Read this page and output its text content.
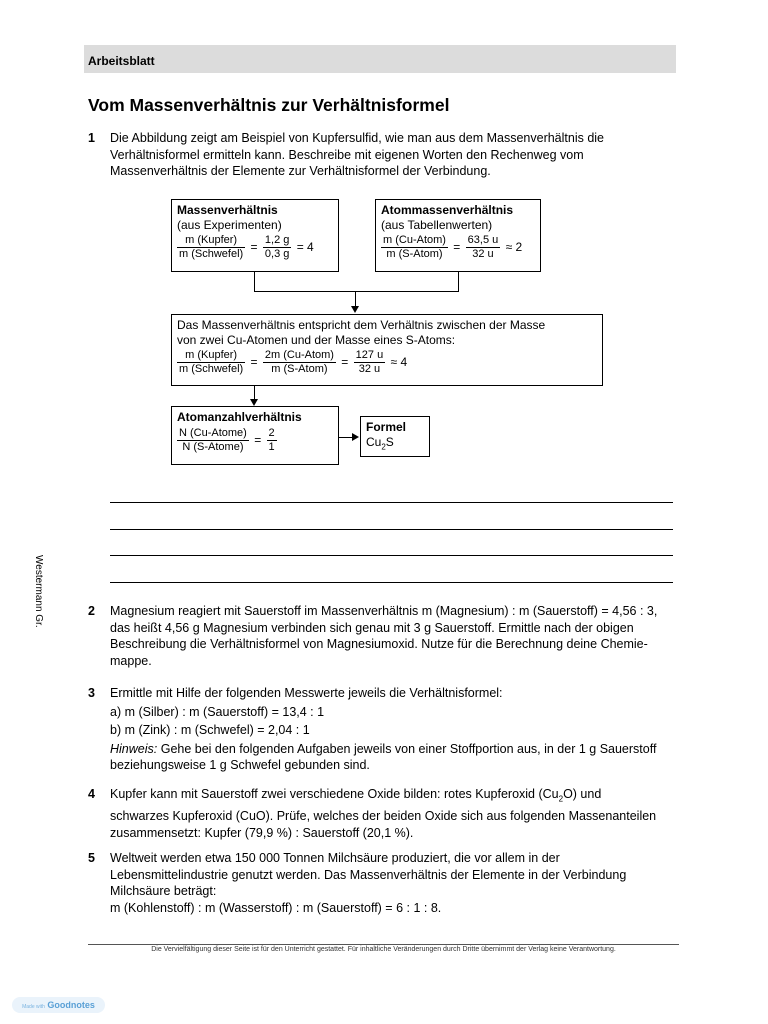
Arbeitsblatt
Vom Massenverhältnis zur Verhältnisformel
1 Die Abbildung zeigt am Beispiel von Kupfersulfid, wie man aus dem Massenverhältnis die

Verhältnisformel ermitteln kann. Beschreibe mit eigenen Worten den Rechenweg vom

Massenverhältnis der Elemente zur Verhältnisformel der Verbindung.

Massenverhältnis
(aus Experimenten)
$\frac{\text{m (Kupfer)}}{\text{m (Schwefel)}} = \frac{1,2 g}{0,3 g} = 4$
Atommassenverhältnis
(aus Tabellenwerten)
$\frac{\text{m (Cu-Atom)}}{\text{m (S-Atom)}} = \frac{63,5 u}{32 u} \approx 2$
Das Massenverhältnis entspricht dem Verhältnis zwischen der Masse
von zwei Cu-Atomen und der Masse eines S-Atoms:
$\frac{\text{m (Kupfer)}}{\text{m (Schwefel)}} = \frac{\text{2m (Cu-Atom)}}{\text{m (S-Atom)}} = \frac{127 u}{32 u} \approx 4$
Atomanzahlverhältnis
$\frac{\text{N (Cu-Atome)}}{\text{N (S-Atome)}} = \frac{2}{1}$	Formel
$Cu_2S$
Westermann Gr.	2 Magnesium reagiert mit Sauerstoff im Massenverhältnis m (Magnesium) : m (Sauerstoff) = 4,56 : 3,

das heißt 4,56 g Magnesium verbinden sich genau mit 3 g Sauerstoff. Ermittle nach der obigen

Beschreibung die Verhältnisformel von Magnesiumoxid. Nutze für die Berechnung deine Chemie-

mappe.

3 Ermittle mit Hilfe der folgenden Messwerte jeweils die Verhältnisformel:

a) m (Silber) : m (Sauerstoff) = 13,4 : 1

b) m (Zink) : m (Schwefel) = 2,04 : 1

Hinweis: Gehe bei den folgenden Aufgaben jeweils von einer Stoffportion aus, in der 1 g Sauerstoff

beziehungsweise 1 g Schwefel gebunden sind.

4 Kupfer kann mit Sauerstoff zwei verschiedene Oxide bilden: rotes Kupferoxid $(Cu_2O)$ und

schwarzes Kupferoxid (CuO). Prüfe, welches der beiden Oxide sich aus folgenden Massenanteilen

zusammensetzt: Kupfer (79,9 %) : Sauerstoff (20,1 %).

5 Weltweit werden etwa 150 000 Tonnen Milchsäure produziert, die vor allem in der

Lebensmittelindustrie genutzt werden. Das Massenverhältnis der Elemente in der Verbindung

Milchsäure beträgt:

m (Kohlenstoff) : m (Wasserstoff) : m (Sauerstoff) = 6 : 1 : 8.

Die Vervielfältigung dieser Seite ist für den Unterricht gestattet. Für inhaltliche Veränderungen durch Dritte übernimmt der Verlag keine Verantwortung.
Made with Goodnotes
